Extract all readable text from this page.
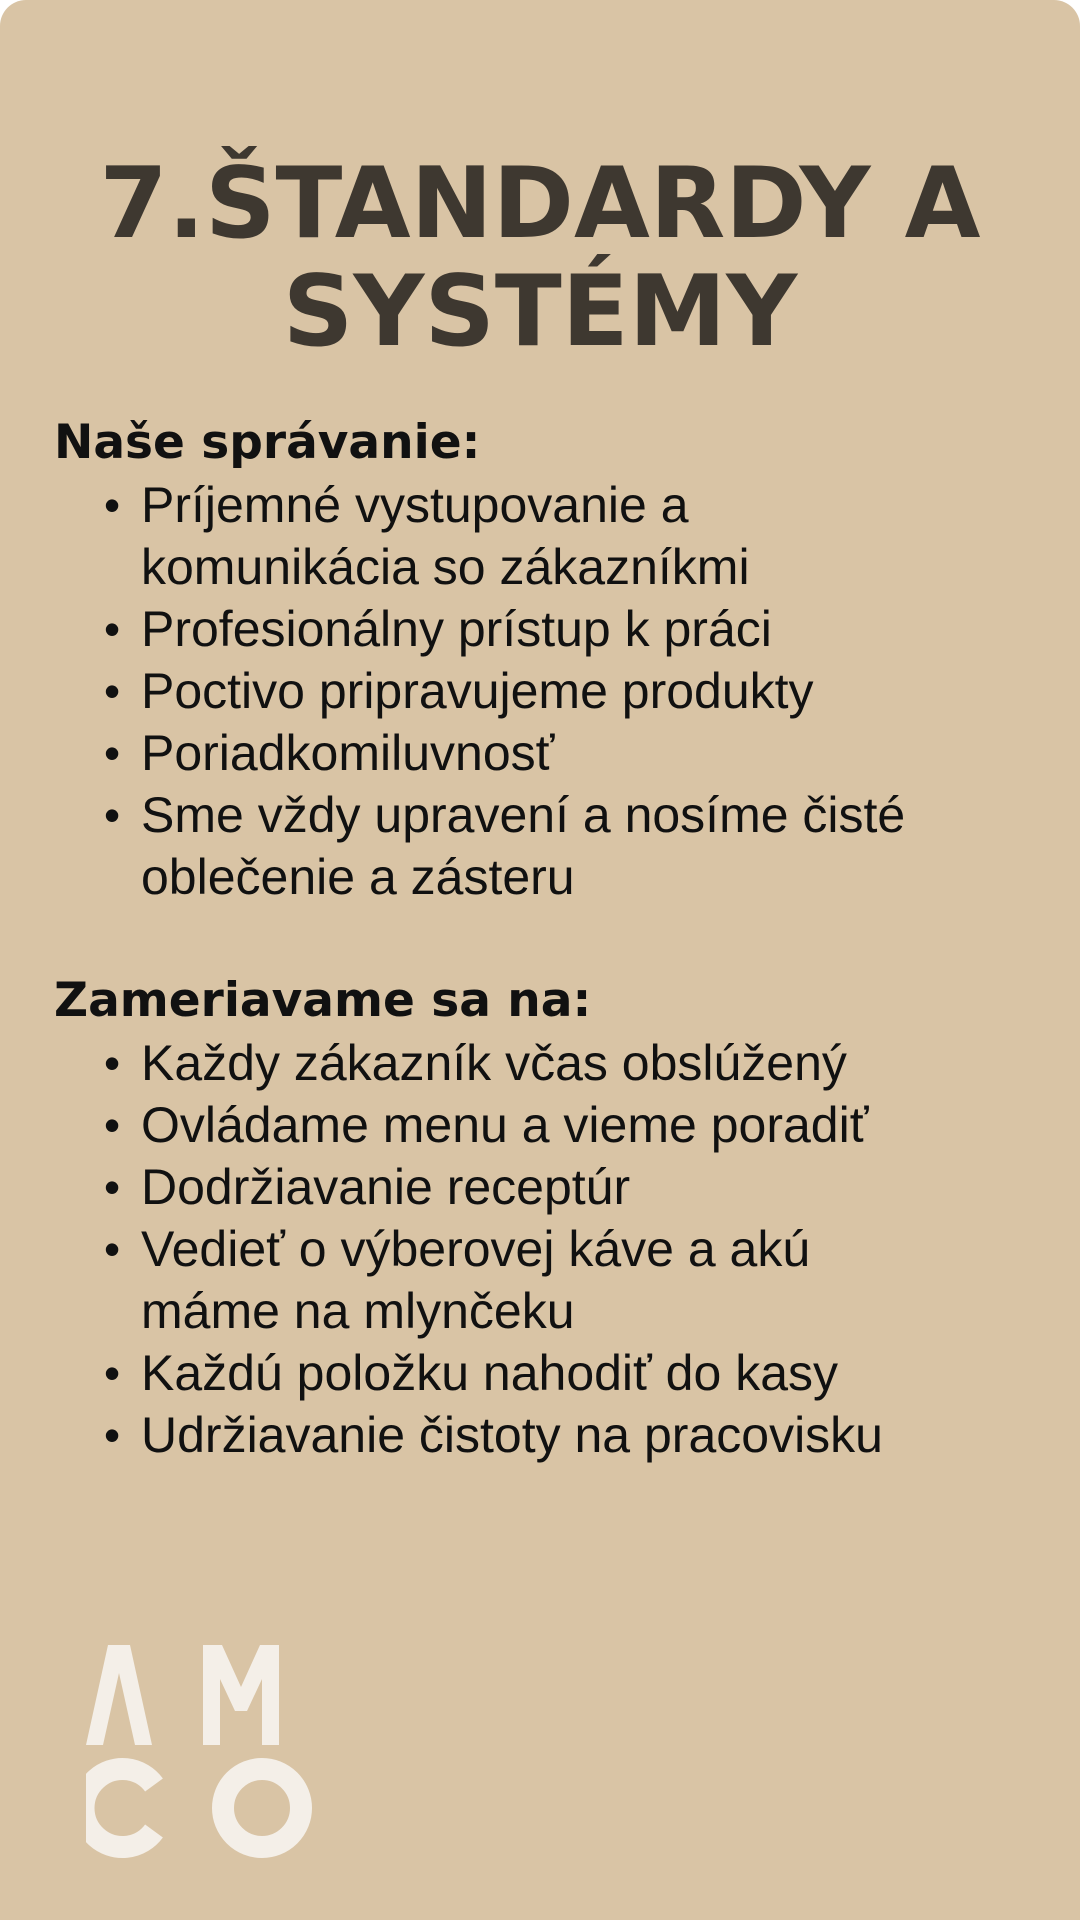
7.ŠTANDARDY A
SYSTÉMY
Naše správanie:
• Príjemné vystupovanie a
komunikácia so zákazníkmi
• Profesionálny prístup k práci
• Poctivo pripravujeme produkty
• Poriadkomiluvnosť
• Sme vždy upravení a nosíme čisté
oblečenie a zásteru
Zameriavame sa na:
• Každy zákazník včas obslúžený
• Ovládame menu a vieme poradiť
• Dodržiavanie receptúr
• Vedieť o výberovej káve a akú
máme na mlynčeku
• Každú položku nahodiť do kasy
• Udržiavanie čistoty na pracovisku
